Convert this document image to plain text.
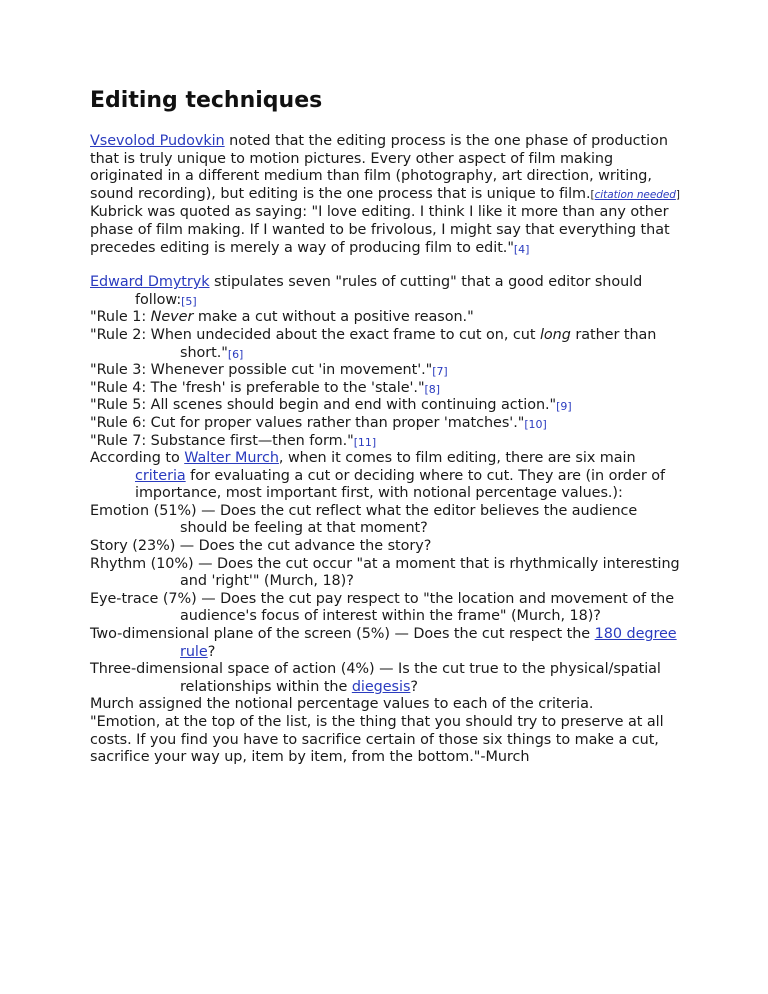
Editing techniques

Vsevolod Pudovkin noted that the editing process is the one phase of production that is truly unique to motion pictures. Every other aspect of film making originated in a different medium than film (photography, art direction, writing, sound recording), but editing is the one process that is unique to film.[citation needed] Kubrick was quoted as saying: "I love editing. I think I like it more than any other phase of film making. If I wanted to be frivolous, I might say that everything that precedes editing is merely a way of producing film to edit."[4]

Edward Dmytryk stipulates seven "rules of cutting" that a good editor should follow:[5]

"Rule 1: Never make a cut without a positive reason."

"Rule 2: When undecided about the exact frame to cut on, cut long rather than short."[6]

"Rule 3: Whenever possible cut 'in movement'."[7]

"Rule 4: The 'fresh' is preferable to the 'stale'."[8]

"Rule 5: All scenes should begin and end with continuing action."[9]

"Rule 6: Cut for proper values rather than proper 'matches'."[10]

"Rule 7: Substance first—then form."[11]

According to Walter Murch, when it comes to film editing, there are six main criteria for evaluating a cut or deciding where to cut. They are (in order of importance, most important first, with notional percentage values.):

Emotion (51%) — Does the cut reflect what the editor believes the audience should be feeling at that moment?

Story (23%) — Does the cut advance the story?

Rhythm (10%) — Does the cut occur "at a moment that is rhythmically interesting and 'right'" (Murch, 18)?

Eye-trace (7%) — Does the cut pay respect to "the location and movement of the audience's focus of interest within the frame" (Murch, 18)?

Two-dimensional plane of the screen (5%) — Does the cut respect the 180 degree rule?

Three-dimensional space of action (4%) — Is the cut true to the physical/spatial relationships within the diegesis?

Murch assigned the notional percentage values to each of the criteria.

"Emotion, at the top of the list, is the thing that you should try to preserve at all costs. If you find you have to sacrifice certain of those six things to make a cut, sacrifice your way up, item by item, from the bottom."-Murch
